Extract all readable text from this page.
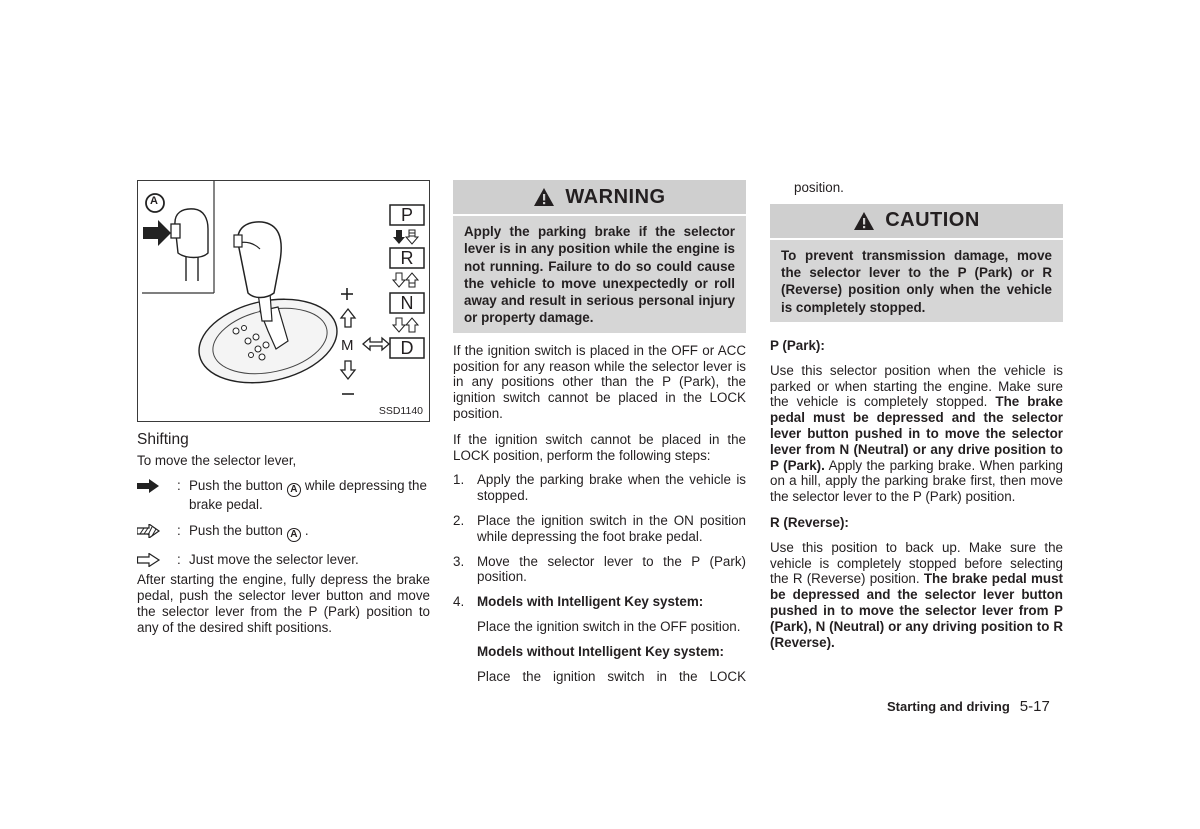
A
P
R
N
D
M
SSD1140
Shifting

To move the selector lever,

: Push the button A while depressing the brake pedal.
: Push the button A .
: Just move the selector lever.

After starting the engine, fully depress the brake pedal, push the selector lever button and move the selector lever from the P (Park) position to any of the desired shift positions.

WARNING
Apply the parking brake if the selector lever is in any position while the engine is not running. Failure to do so could cause the vehicle to move unexpectedly or roll away and result in serious personal injury or property damage.

If the ignition switch is placed in the OFF or ACC position for any reason while the selector lever is in any positions other than the P (Park), the ignition switch cannot be placed in the LOCK position.

If the ignition switch cannot be placed in the LOCK position, perform the following steps:

1. Apply the parking brake when the vehicle is stopped.
2. Place the ignition switch in the ON position while depressing the foot brake pedal.
3. Move the selector lever to the P (Park) position.
4. Models with Intelligent Key system:

Place the ignition switch in the OFF position.

Models without Intelligent Key system:

Place the ignition switch in the LOCK

position.

CAUTION
To prevent transmission damage, move the selector lever to the P (Park) or R (Reverse) position only when the vehicle is completely stopped.

P (Park):

Use this selector position when the vehicle is parked or when starting the engine. Make sure the vehicle is completely stopped. The brake pedal must be depressed and the selector lever button pushed in to move the selector lever from N (Neutral) or any drive position to P (Park). Apply the parking brake. When parking on a hill, apply the parking brake first, then move the selector lever to the P (Park) position.

R (Reverse):

Use this position to back up. Make sure the vehicle is completely stopped before selecting the R (Reverse) position. The brake pedal must be depressed and the selector lever button pushed in to move the selector lever from P (Park), N (Neutral) or any driving position to R (Reverse).

Starting and driving 5-17
